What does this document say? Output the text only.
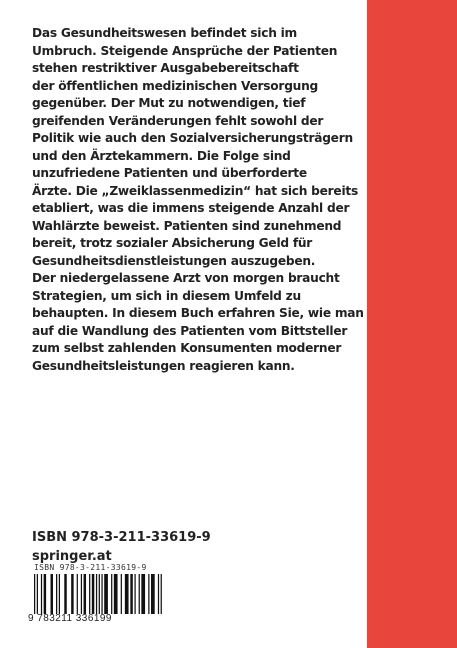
Das Gesundheitswesen befindet sich im
Umbruch. Steigende Ansprüche der Patienten
stehen restriktiver Ausgabebereitschaft
der öffentlichen medizinischen Versorgung
gegenüber. Der Mut zu notwendigen, tief
greifenden Veränderungen fehlt sowohl der
Politik wie auch den Sozialversicherungsträgern
und den Ärztekammern. Die Folge sind
unzufriedene Patienten und überforderte
Ärzte. Die „Zweiklassenmedizin“ hat sich bereits
etabliert, was die immens steigende Anzahl der
Wahlärzte beweist. Patienten sind zunehmend
bereit, trotz sozialer Absicherung Geld für
Gesundheitsdienstleistungen auszugeben.
Der niedergelassene Arzt von morgen braucht
Strategien, um sich in diesem Umfeld zu
behaupten. In diesem Buch erfahren Sie, wie man
auf die Wandlung des Patienten vom Bittsteller
zum selbst zahlenden Konsumenten moderner
Gesundheitsleistungen reagieren kann.
ISBN 978-3-211-33619-9
springer.at
ISBN 978-3-211-33619-9
9 783211 336199
